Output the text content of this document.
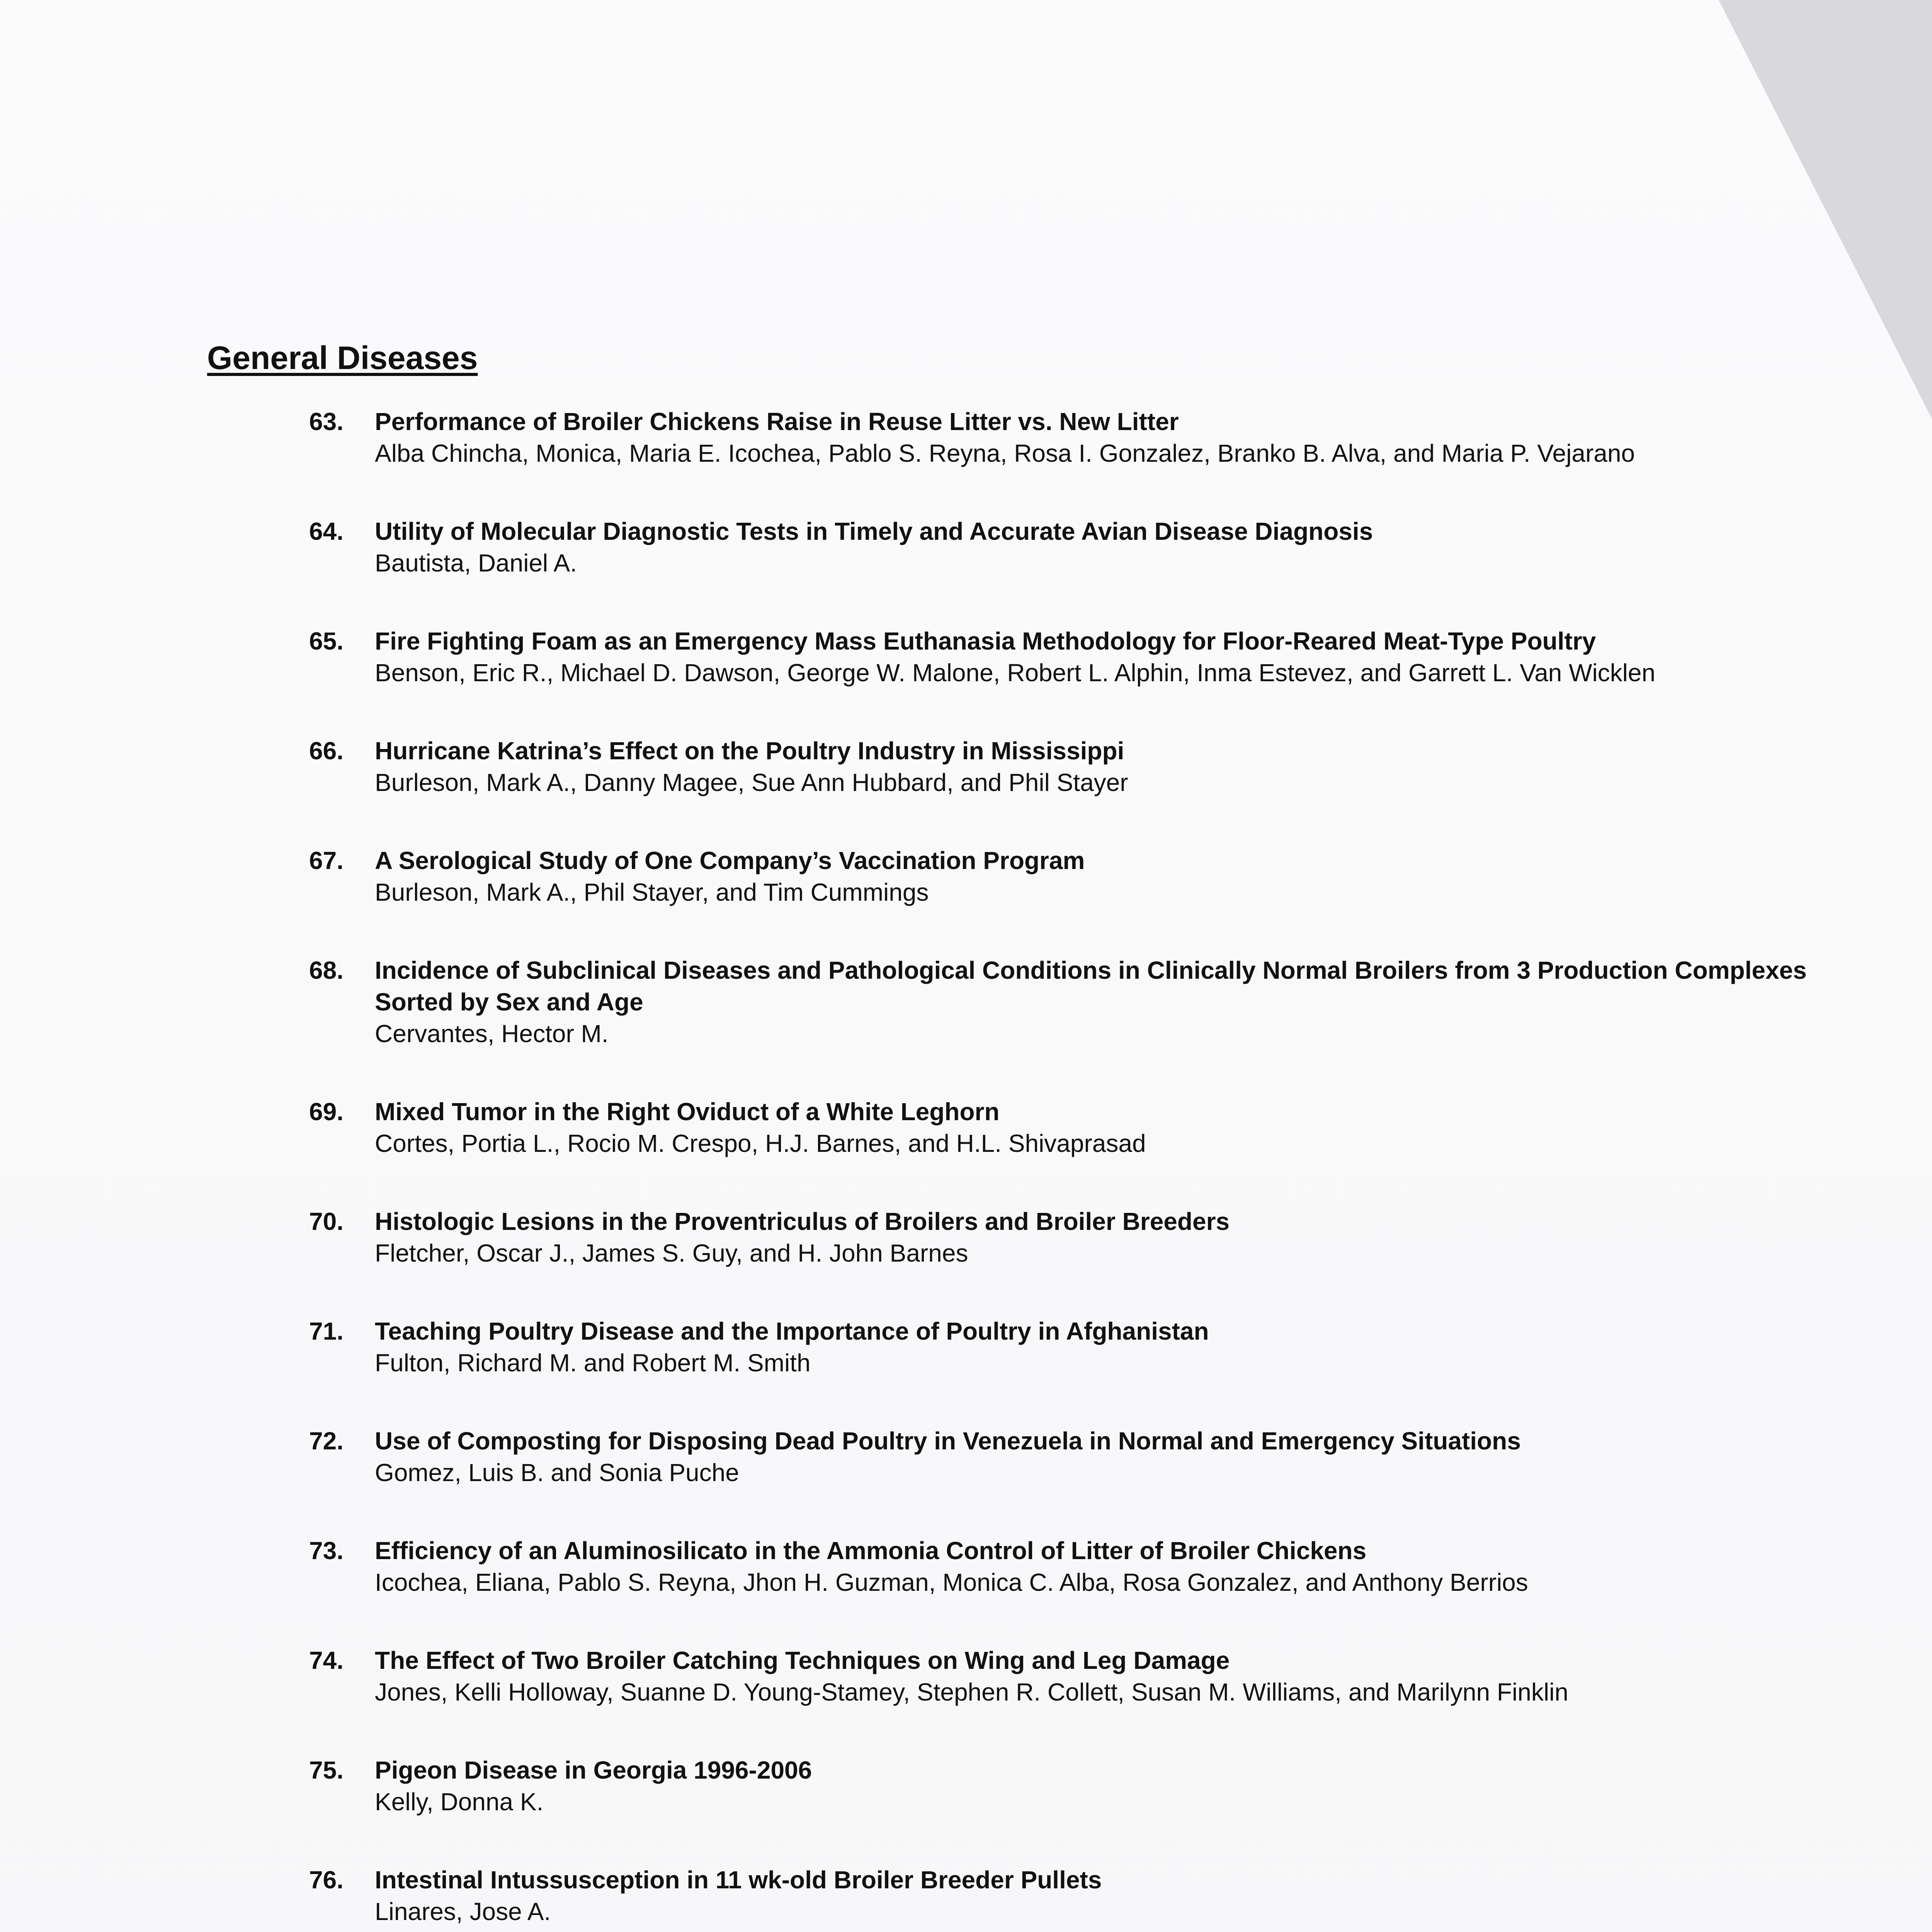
General Diseases
63. Performance of Broiler Chickens Raise in Reuse Litter vs. New Litter
Alba Chincha, Monica, Maria E. Icochea, Pablo S. Reyna, Rosa I. Gonzalez, Branko B. Alva, and Maria P. Vejarano
64. Utility of Molecular Diagnostic Tests in Timely and Accurate Avian Disease Diagnosis
Bautista, Daniel A.
65. Fire Fighting Foam as an Emergency Mass Euthanasia Methodology for Floor-Reared Meat-Type Poultry
Benson, Eric R., Michael D. Dawson, George W. Malone, Robert L. Alphin, Inma Estevez, and Garrett L. Van Wicklen
66. Hurricane Katrina’s Effect on the Poultry Industry in Mississippi
Burleson, Mark A., Danny Magee, Sue Ann Hubbard, and Phil Stayer
67. A Serological Study of One Company’s Vaccination Program
Burleson, Mark A., Phil Stayer, and Tim Cummings
68. Incidence of Subclinical Diseases and Pathological Conditions in Clinically Normal Broilers from 3 Production Complexes Sorted by Sex and Age
Cervantes, Hector M.
69. Mixed Tumor in the Right Oviduct of a White Leghorn
Cortes, Portia L., Rocio M. Crespo, H.J. Barnes, and H.L. Shivaprasad
70. Histologic Lesions in the Proventriculus of Broilers and Broiler Breeders
Fletcher, Oscar J., James S. Guy, and H. John Barnes
71. Teaching Poultry Disease and the Importance of Poultry in Afghanistan
Fulton, Richard M. and Robert M. Smith
72. Use of Composting for Disposing Dead Poultry in Venezuela in Normal and Emergency Situations
Gomez, Luis B. and Sonia Puche
73. Efficiency of an Aluminosilicato in the Ammonia Control of Litter of Broiler Chickens
Icochea, Eliana, Pablo S. Reyna, Jhon H. Guzman, Monica C. Alba, Rosa Gonzalez, and Anthony Berrios
74. The Effect of Two Broiler Catching Techniques on Wing and Leg Damage
Jones, Kelli Holloway, Suanne D. Young-Stamey, Stephen R. Collett, Susan M. Williams, and Marilynn Finklin
75. Pigeon Disease in Georgia 1996-2006
Kelly, Donna K.
76. Intestinal Intussusception in 11 wk-old Broiler Breeder Pullets
Linares, Jose A.
